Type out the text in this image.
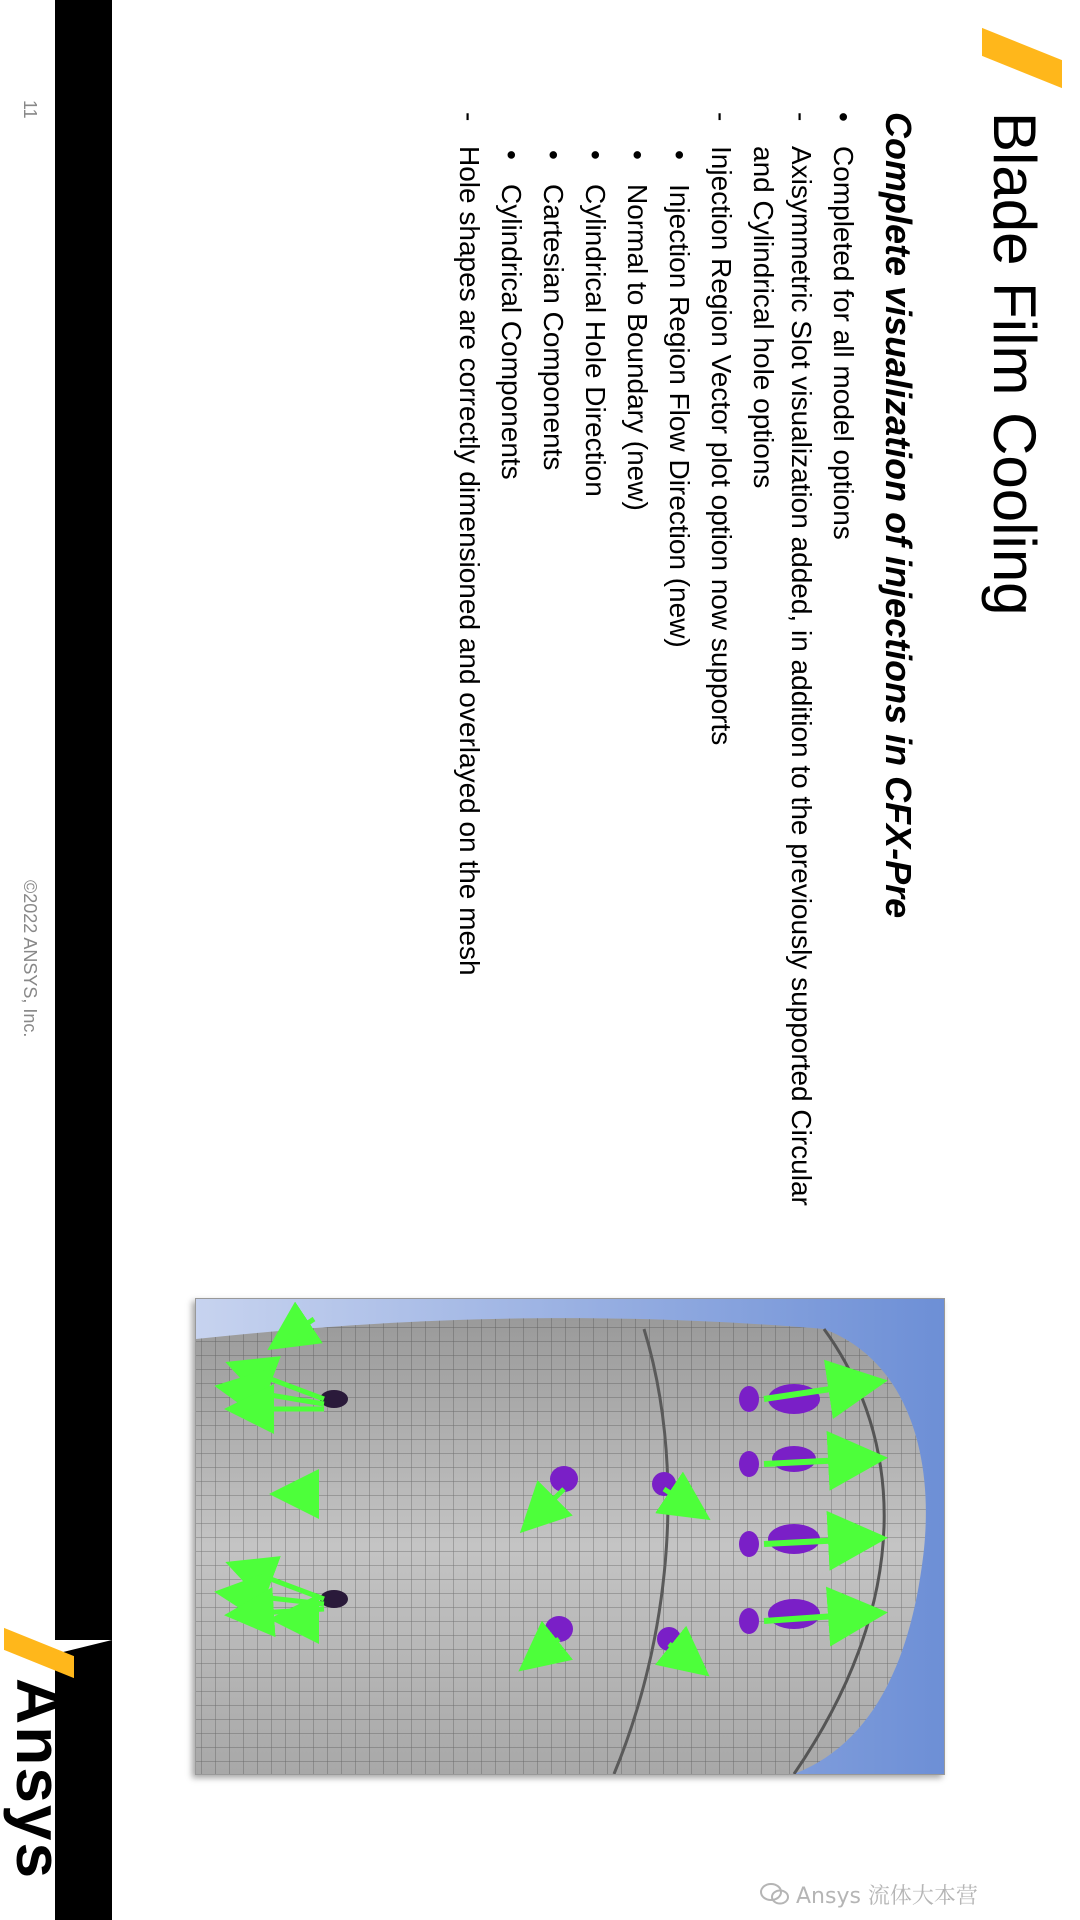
Blade Film Cooling
Complete visualization of injections in CFX-Pre
•
Completed for all model options
-
Axisymmetric Slot visualization added, in addition to the previously supported Circular and Cylindrical hole options
-
Injection Region Vector plot option now supports
•
Injection Region Flow Direction (new)
•
Normal to Boundary (new)
•
Cylindrical Hole Direction
•
Cartesian Components
•
Cylindrical Components
-
Hole shapes are correctly dimensioned and overlayed on the mesh
11
©2022 ANSYS, Inc.
Ansys
Ansys 流体大本营
